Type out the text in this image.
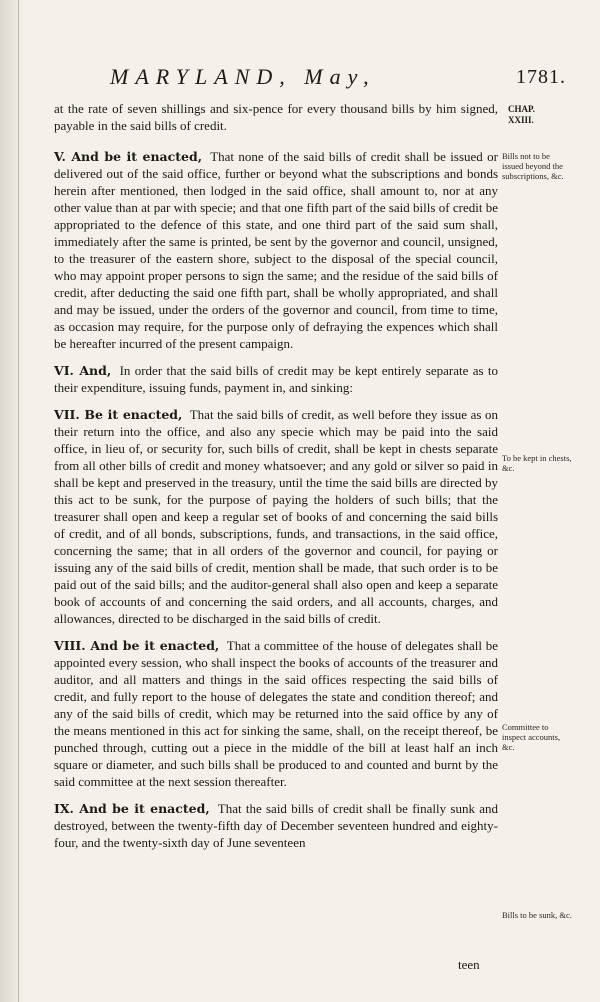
MARYLAND, May,	1781.
CHAP.
XXIII.

at the rate of seven shillings and six-pence for every thousand bills by him signed, payable in the said bills of credit.

V. And be it enacted, That none of the said bills of credit shall be issued or delivered out of the said office, further or beyond what the subscriptions and bonds herein after mentioned, then lodged in the said office, shall amount to, nor at any other value than at par with specie; and that one fifth part of the said bills of credit be appropriated to the defence of this state, and one third part of the said sum shall, immediately after the same is printed, be sent by the governor and council, unsigned, to the treasurer of the eastern shore, subject to the disposal of the special council, who may appoint proper persons to sign the same; and the residue of the said bills of credit, after deducting the said one fifth part, shall be wholly appropriated, and shall and may be issued, under the orders of the governor and council, from time to time, as occasion may require, for the purpose only of defraying the expences which shall be hereafter incurred of the present campaign.

VI. And, In order that the said bills of credit may be kept entirely separate as to their expenditure, issuing funds, payment in, and sinking:

VII. Be it enacted, That the said bills of credit, as well before they issue as on their return into the office, and also any specie which may be paid into the said office, in lieu of, or security for, such bills of credit, shall be kept in chests separate from all other bills of credit and money whatsoever; and any gold or silver so paid in shall be kept and preserved in the treasury, until the time the said bills are directed by this act to be sunk, for the purpose of paying the holders of such bills; that the treasurer shall open and keep a regular set of books of and concerning the said bills of credit, and of all bonds, subscriptions, funds, and transactions, in the said office, concerning the same; that in all orders of the governor and council, for paying or issuing any of the said bills of credit, mention shall be made, that such order is to be paid out of the said bills; and the auditor-general shall also open and keep a separate book of accounts of and concerning the said orders, and all accounts, charges, and allowances, directed to be discharged in the said bills of credit.

VIII. And be it enacted, That a committee of the house of delegates shall be appointed every session, who shall inspect the books of accounts of the treasurer and auditor, and all matters and things in the said offices respecting the said bills of credit, and fully report to the house of delegates the state and condition thereof; and any of the said bills of credit, which may be returned into the said office by any of the means mentioned in this act for sinking the same, shall, on the receipt thereof, be punched through, cutting out a piece in the middle of the bill at least half an inch square or diameter, and such bills shall be produced to and counted and burnt by the said committee at the next session thereafter.

IX. And be it enacted, That the said bills of credit shall be finally sunk and destroyed, between the twenty-fifth day of December seventeen hundred and eighty-four, and the twenty-sixth day of June seventeen

Bills not to be issued beyond the subscriptions, &c.
To be kept in chests, &c.
Committee to inspect accounts, &c.
Bills to be sunk, &c.
teen
